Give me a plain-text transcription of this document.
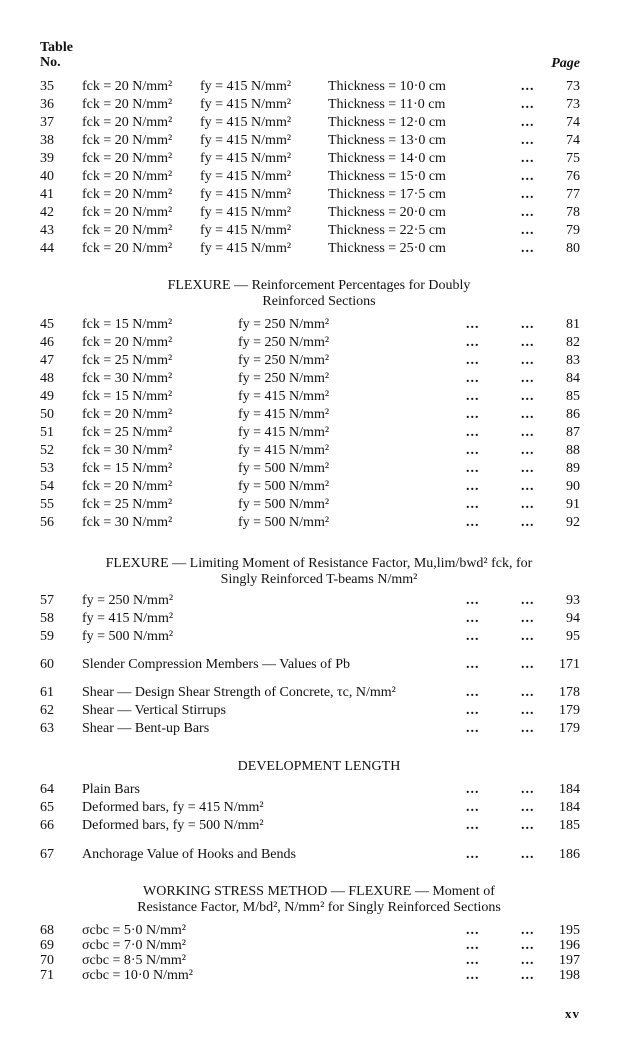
Table
No.	Page
35	fck = 20 N/mm² fy = 415 N/mm²	Thickness = 10·0 cm	... 73
36	fck = 20 N/mm² fy = 415 N/mm²	Thickness = 11·0 cm	... 73
37	fck = 20 N/mm² fy = 415 N/mm²	Thickness = 12·0 cm	... 74
38	fck = 20 N/mm² fy = 415 N/mm²	Thickness = 13·0 cm	... 74
39	fck = 20 N/mm² fy = 415 N/mm²	Thickness = 14·0 cm	... 75
40	fck = 20 N/mm² fy = 415 N/mm²	Thickness = 15·0 cm	... 76
41	fck = 20 N/mm² fy = 415 N/mm²	Thickness = 17·5 cm	... 77
42	fck = 20 N/mm² fy = 415 N/mm²	Thickness = 20·0 cm	... 78
43	fck = 20 N/mm² fy = 415 N/mm²	Thickness = 22·5 cm	... 79
44	fck = 20 N/mm² fy = 415 N/mm²	Thickness = 25·0 cm	... 80
FLEXURE — Reinforcement Percentages for Doubly
Reinforced Sections
45	fck = 15 N/mm²	fy = 250 N/mm²	...	... 81
46	fck = 20 N/mm²	fy = 250 N/mm²	...	... 82
47	fck = 25 N/mm²	fy = 250 N/mm²	...	... 83
48	fck = 30 N/mm²	fy = 250 N/mm²	...	... 84
49	fck = 15 N/mm²	fy = 415 N/mm²	...	... 85
50	fck = 20 N/mm²	fy = 415 N/mm²	...	... 86
51	fck = 25 N/mm²	fy = 415 N/mm²	...	... 87
52	fck = 30 N/mm²	fy = 415 N/mm²	...	... 88
53	fck = 15 N/mm²	fy = 500 N/mm²	...	... 89
54	fck = 20 N/mm²	fy = 500 N/mm²	...	... 90
55	fck = 25 N/mm²	fy = 500 N/mm²	...	... 91
56	fck = 30 N/mm²	fy = 500 N/mm²	...	... 92
FLEXURE — Limiting Moment of Resistance Factor, Mu,lim/bwd² fck, for
Singly Reinforced T-beams N/mm²
57	fy = 250 N/mm²	...	... 93
58	fy = 415 N/mm²	...	... 94
59	fy = 500 N/mm²	...	... 95
60	Slender Compression Members — Values of Pb	...	... 171
61	Shear — Design Shear Strength of Concrete, τc, N/mm²	...	... 178
62	Shear — Vertical Stirrups	...	... 179
63	Shear — Bent-up Bars	...	... 179
DEVELOPMENT LENGTH
64	Plain Bars	...	... 184
65	Deformed bars, fy = 415 N/mm²	...	... 184
66	Deformed bars, fy = 500 N/mm²	...	... 185
67	Anchorage Value of Hooks and Bends	...	... 186
WORKING STRESS METHOD — FLEXURE — Moment of
Resistance Factor, M/bd², N/mm² for Singly Reinforced Sections
68	σcbc = 5·0 N/mm²	...	... 195
69	σcbc = 7·0 N/mm²	...	... 196
70	σcbc = 8·5 N/mm²	...	... 197
71	σcbc = 10·0 N/mm²	...	... 198
xv
